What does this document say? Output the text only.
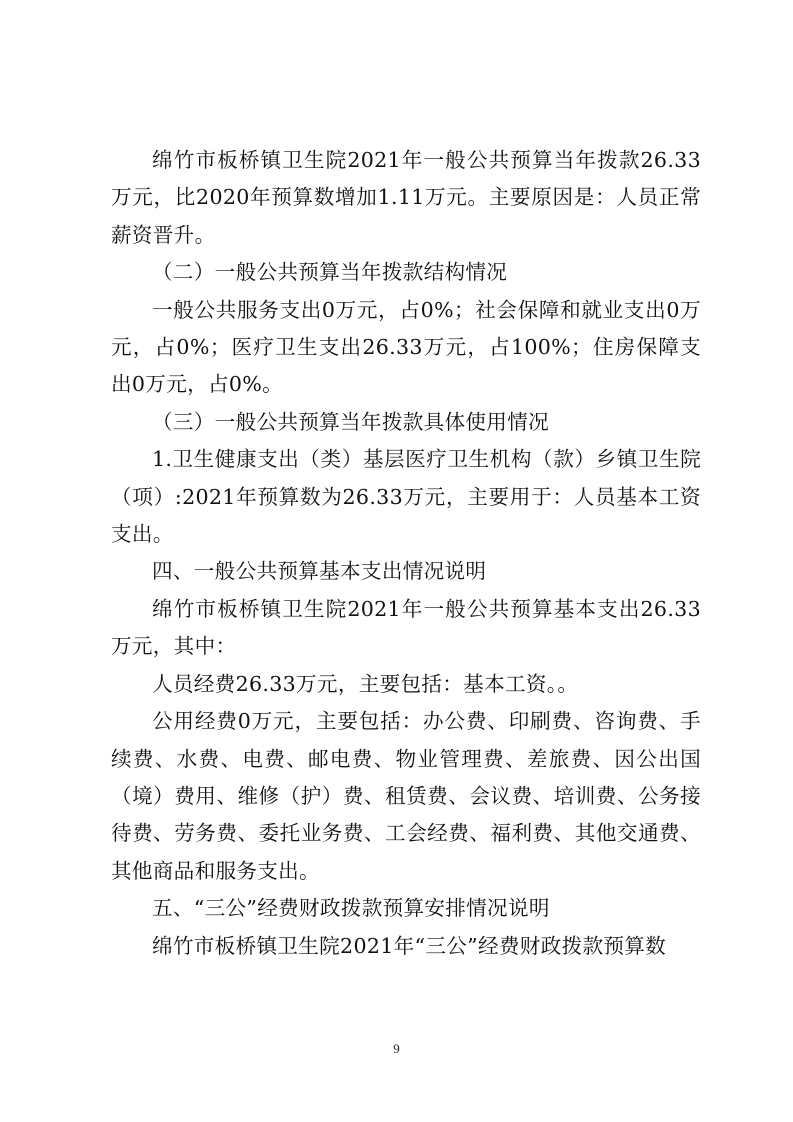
绵竹市板桥镇卫生院2021年一般公共预算当年拨款26.33万元，比2020年预算数增加1.11万元。主要原因是：人员正常薪资晋升。

（二）一般公共预算当年拨款结构情况

一般公共服务支出0万元，占0%；社会保障和就业支出0万元，占0%；医疗卫生支出26.33万元，占100%；住房保障支出0万元，占0%。

（三）一般公共预算当年拨款具体使用情况

1.卫生健康支出（类）基层医疗卫生机构（款）乡镇卫生院（项）:2021年预算数为26.33万元，主要用于：人员基本工资支出。

四、一般公共预算基本支出情况说明

绵竹市板桥镇卫生院2021年一般公共预算基本支出26.33万元，其中：

人员经费26.33万元，主要包括：基本工资。。

公用经费0万元，主要包括：办公费、印刷费、咨询费、手续费、水费、电费、邮电费、物业管理费、差旅费、因公出国（境）费用、维修（护）费、租赁费、会议费、培训费、公务接待费、劳务费、委托业务费、工会经费、福利费、其他交通费、其他商品和服务支出。

五、“三公”经费财政拨款预算安排情况说明

绵竹市板桥镇卫生院2021年“三公”经费财政拨款预算数

9
